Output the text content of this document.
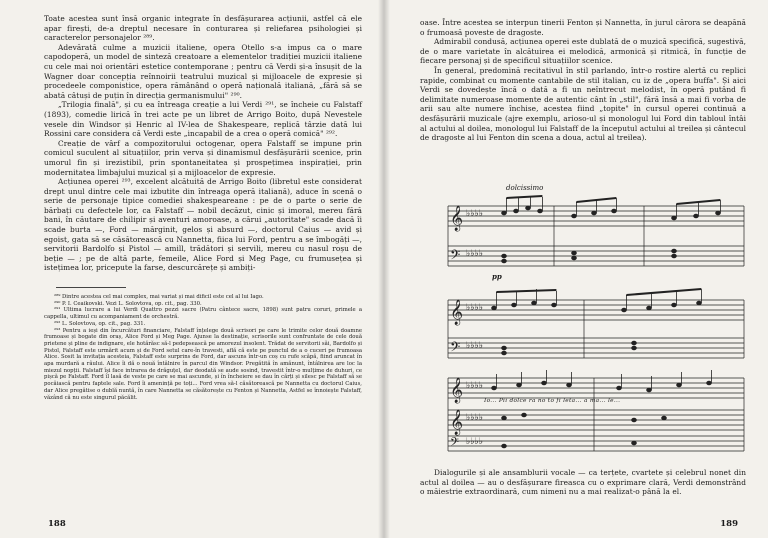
Toate acestea sunt însă organic integrate în desfășurarea acțiunii, astfel că ele apar firești, de-a dreptul necesare în conturarea și reliefarea psihologiei și caracterelor personajelor ²⁸⁹.

Adevărată culme a muzicii italiene, opera Otello s-a impus ca o mare capodoperă, un model de sinteză creatoare a elementelor tradiției muzicii italiene cu cele mai noi orientări estetice contemporane ; pentru că Verdi și-a însușit de la Wagner doar concepția reînnoirii teatrului muzical și mijloacele de expresie și procedeele componistice, opera rămânând o operă națională italiană, „fără să se abată câtuși de puțin în direcția germanismului" ²⁹⁰.

„Trilogia finală", și cu ea întreaga creație a lui Verdi ²⁹¹, se încheie cu Falstaff (1893), comedie lirică în trei acte pe un libret de Arrigo Boito, după Nevestele vesele din Windsor și Henric al IV-lea de Shakespeare, replică târzie dată lui Rossini care considera că Verdi este „incapabil de a crea o operă comică" ²⁹².

Creație de vârf a compozitorului octogenar, opera Falstaff se impune prin comicul suculent al situațiilor, prin verva și dinamismul desfășurării scenice, prin umorul fin și irezistibil, prin spontaneitatea și prospețimea inspirației, prin modernitatea limbajului muzical și a mijloacelor de expresie.

Acțiunea operei ²⁹³, excelent alcătuită de Arrigo Boito (libretul este considerat drept unul dintre cele mai izbutite din întreaga operă italiană), aduce în scenă o serie de personaje tipice comediei shakespeareane : pe de o parte o serie de bărbați cu defectele lor, ca Falstaff — nobil decăzut, cinic și imoral, mereu fără bani, în căutare de chilipir și aventuri amoroase, a cărui „autoritate" scade dacă îi scade burta —, Ford — mărginit, gelos și absurd —, doctorul Caius — avid și egoist, gata să se căsătorească cu Nannetta, fiica lui Ford, pentru a se îmbogăți —, servitorii Bardolfo și Pistol — amill, trădători și servili, mereu cu nasul roșu de beție — ; pe de altă parte, femeile, Alice Ford și Meg Page, cu frumusețea și istețimea lor, pricepute la farse, descurcărețe și ambiți-

²⁸⁹ Dintre acestea cel mai complex, mai variat și mai dificil este cel al lui Iago.

²⁹⁰ P. I. Ceaikovski. Vezi L. Solovtova, op. cit., pag. 330.

²⁹¹ Ultima lucrare a lui Verdi Quattro pezzi sacre (Patru cântece sacre, 1898) sunt patru coruri, primele a cappella, ultimul cu acompaniament de orchestră.

²⁹² L. Solovtova, op. cit., pag. 331.

²⁹³ Pentru a ieși din încurcături financiare, Falstaff înțelege două scrisori pe care le trimite celor două doamne frumoase și bogate din oraș, Alice Ford și Meg Page. Ajunse la destinație, scrisorile sunt confruntate de cele două prietene și pline de indignare, ele hotărăsc să-l pedepsească pe amorezul insolent. Trădat de servitorii săi, Bardolfo și Pistol, Falstaff este urmărit acum și de Ford setul care-în travesti, află că este pe punctul de a o cuceri pe frumoasa Alice. Sosit la invitația acesteia, Falstaff este surprins de Ford, dar ascuns într-un coș cu rufe scăpă, fiind aruncat în apa murdară a râului. Alice îi dă o nouă întâlnire în parcul din Windsor. Pregătită în amănunt, întâlnirea are loc la miezul nopții. Falstaff își face intrarea de drăguțel, dar deodată se aude sosind, travestit într-o mulțime de duhuri, ce pișcă pe Falstaff. Ford îl lasă de veste pe care se mai ascunde, și în încheiere se dau în cărți și silesc pe Falstaff să se pocăiască pentru faptele sale. Ford îi amenință pe toți... Ford vrea să-l căsătorească pe Nannetta cu doctorul Caius, dar Alice pregătise o dublă nuntă, în care Nannetta se căsătorește cu Fenton și Nannetta, Astfel se înnoiește Falstaff, văzând că nu este singurul păcălit.

188

oase. Între acestea se interpun tinerii Fenton și Nannetta, în jurul cărora se deapănă o frumoasă poveste de dragoste.

Admirabil condusă, acțiunea operei este dublată de o muzică specifică, sugestivă, de o mare varietate în alcătuirea ei melodică, armonică și ritmică, în funcție de fiecare personaj și de specificul situațiilor scenice.

În general, predomină recitativul în stil parlando, într-o rostire alertă cu replici rapide, combinat cu momente cantabile de stil italian, cu iz de „opera buffa". Și aici Verdi se dovedește încă o dată a fi un neîntrecut melodist, în operă putând fi delimitate numeroase momente de autentic cânt în „stil", fără însă a mai fi vorba de arii sau alte numere închise, acestea fiind „topite" în cursul operei continuă a desfășurării muzicale (ajre exemplu, arioso-ul și monologul lui Ford din tabloul întâi al actului al doilea, monologul lui Falstaff de la începutul actului al treilea și cântecul de dragoste al lui Fenton din scena a doua, actul al treilea).

𝄞
𝄢
𝄞
𝄢
𝄞
𝄞
𝄢
♭♭♭♭
♭♭♭♭
♭♭♭♭
♭♭♭♭
♭♭♭♭
♭♭♭♭
♭♭♭♭
dolcissimo
pp
Io... Pii dolce ra no to fi leta... a ma... le...

Dialogurile și ale ansamblurii vocale — ca terțete, cvartete și celebrul nonet din actul al doilea — au o desfășurare fireasca cu o exprimare clară, Verdi demonstrând o măiestrie extraordinară, cum nimeni nu a mai realizat-o până la el.

189
